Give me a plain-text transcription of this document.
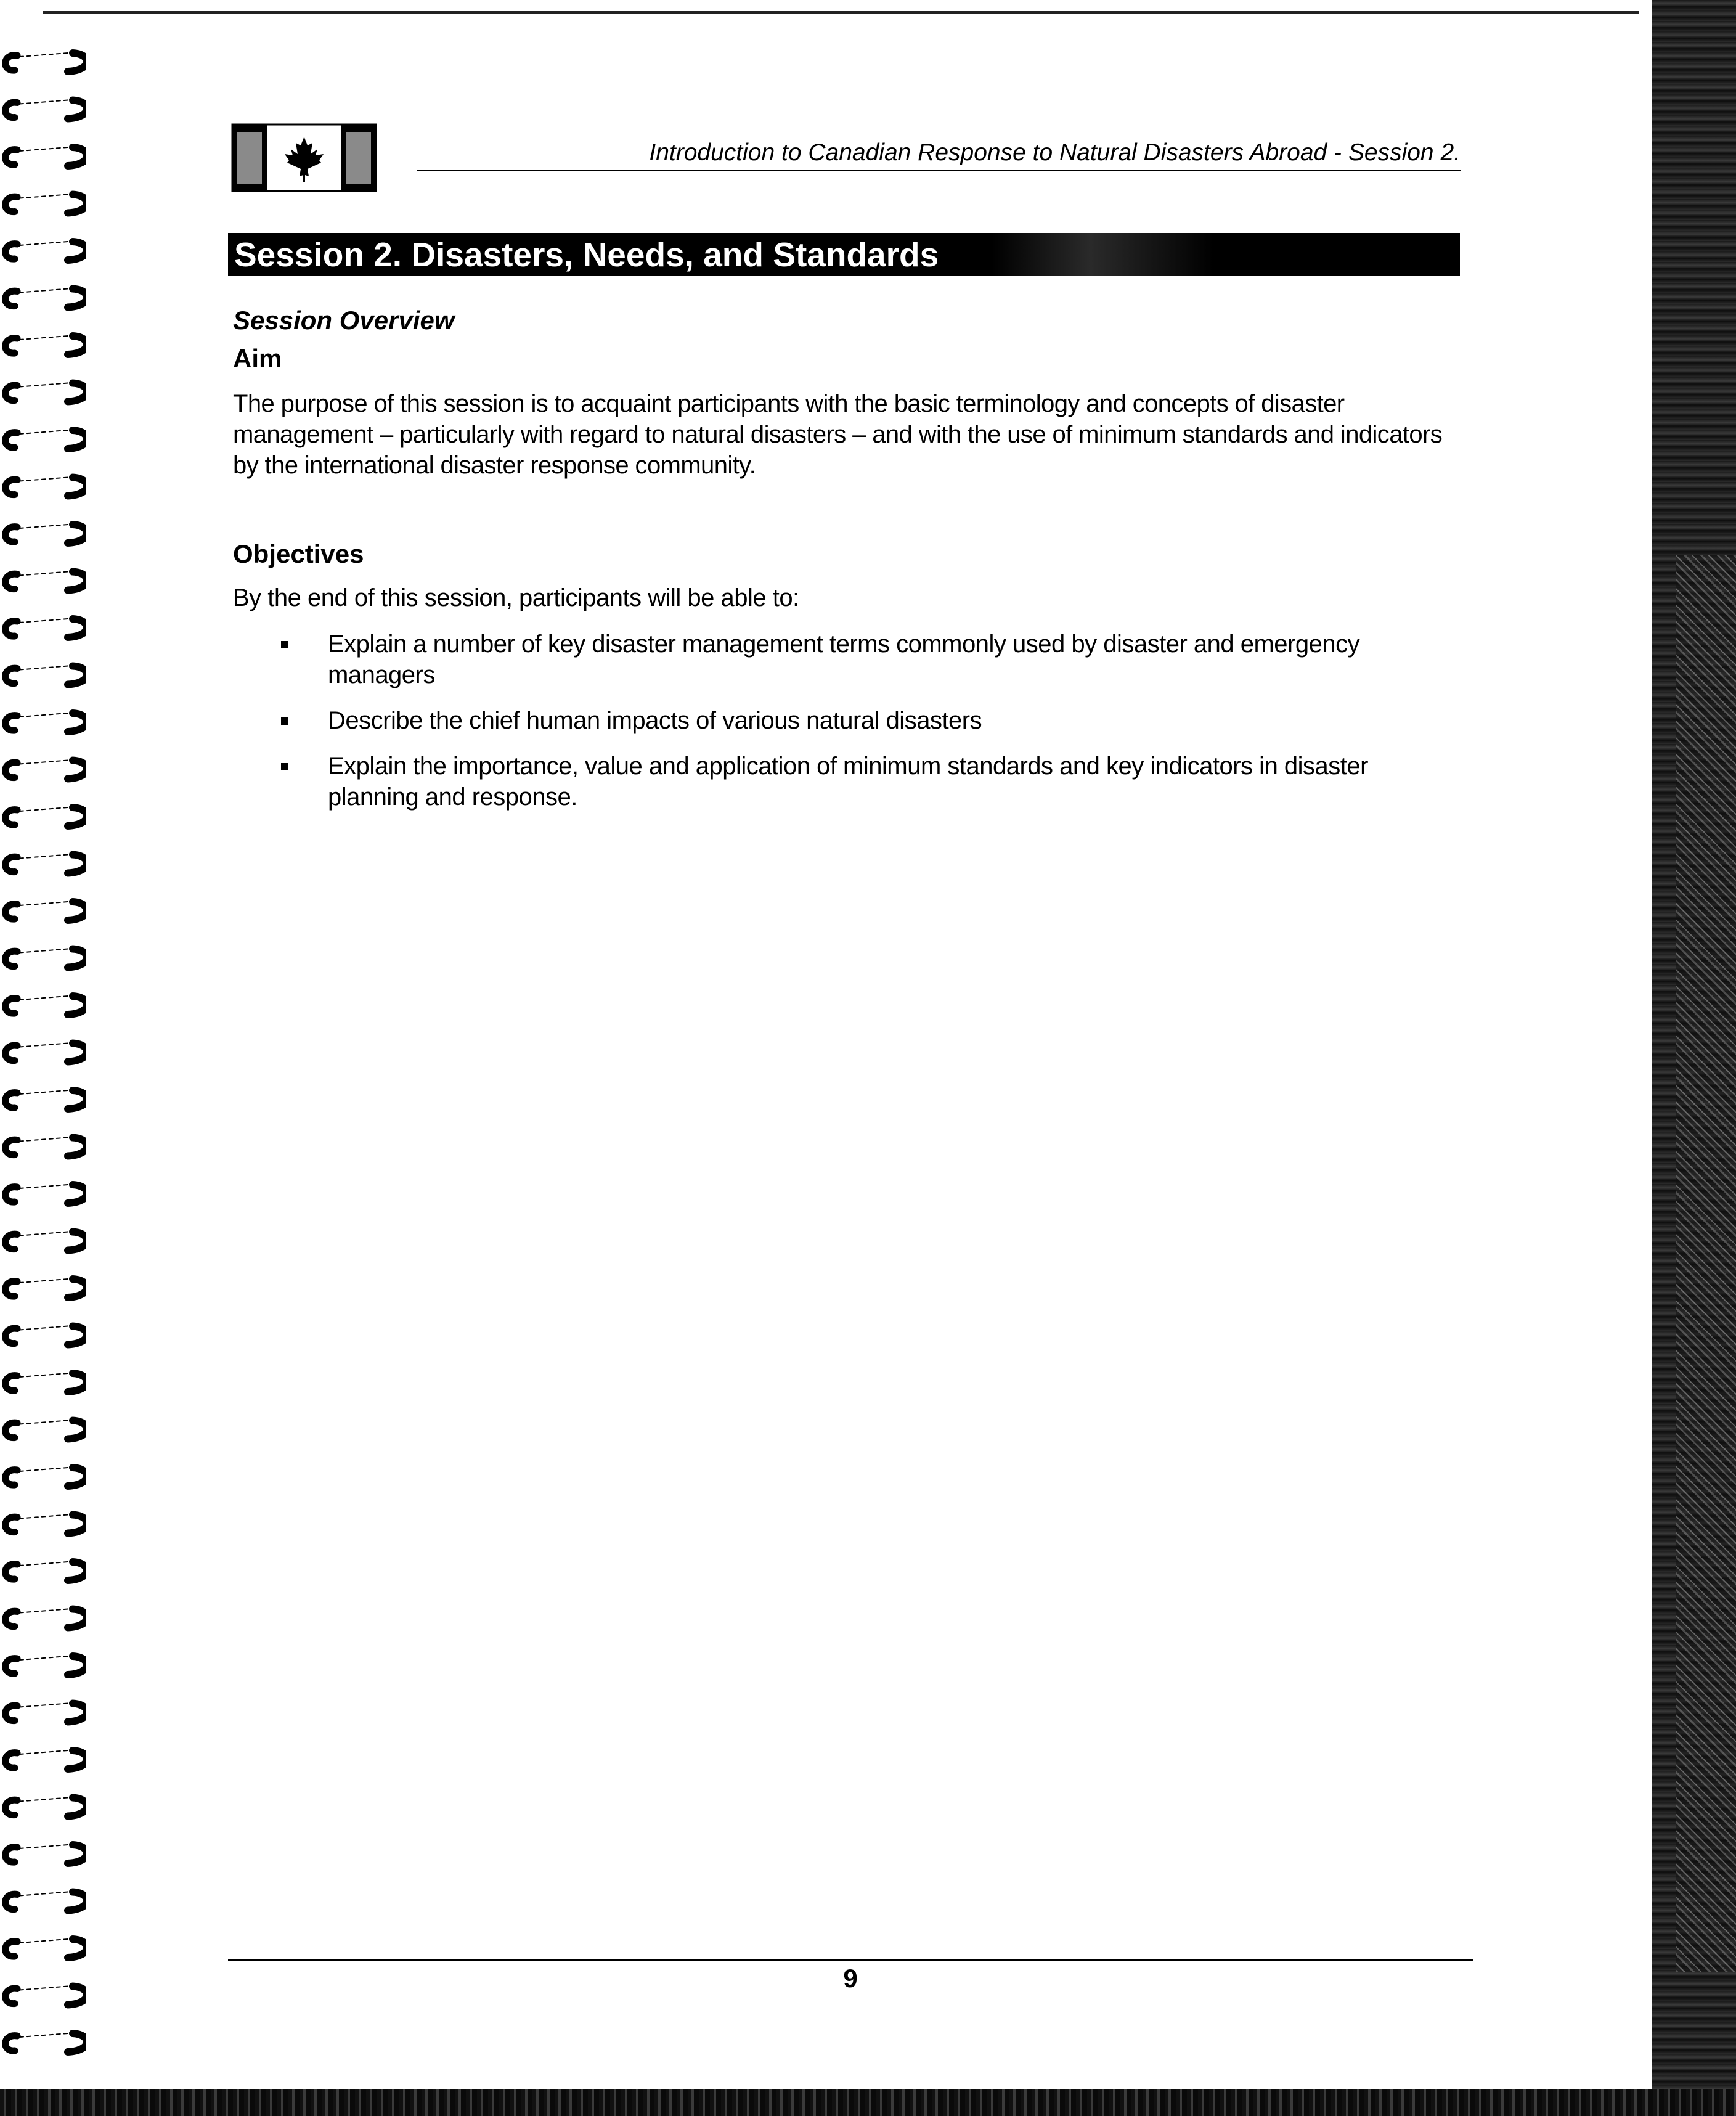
Introduction to Canadian Response to Natural Disasters Abroad - Session 2.
Session 2. Disasters, Needs, and Standards
Session Overview
Aim
The purpose of this session is to acquaint participants with the basic terminology and concepts of disaster management – particularly with regard to natural disasters – and with the use of minimum standards and indicators by the international disaster response community.
Objectives
By the end of this session, participants will be able to:
Explain a number of key disaster management terms commonly used by disaster and emergency managers
Describe the chief human impacts of various natural disasters
Explain the importance, value and application of minimum standards and key indicators in disaster planning and response.
9
